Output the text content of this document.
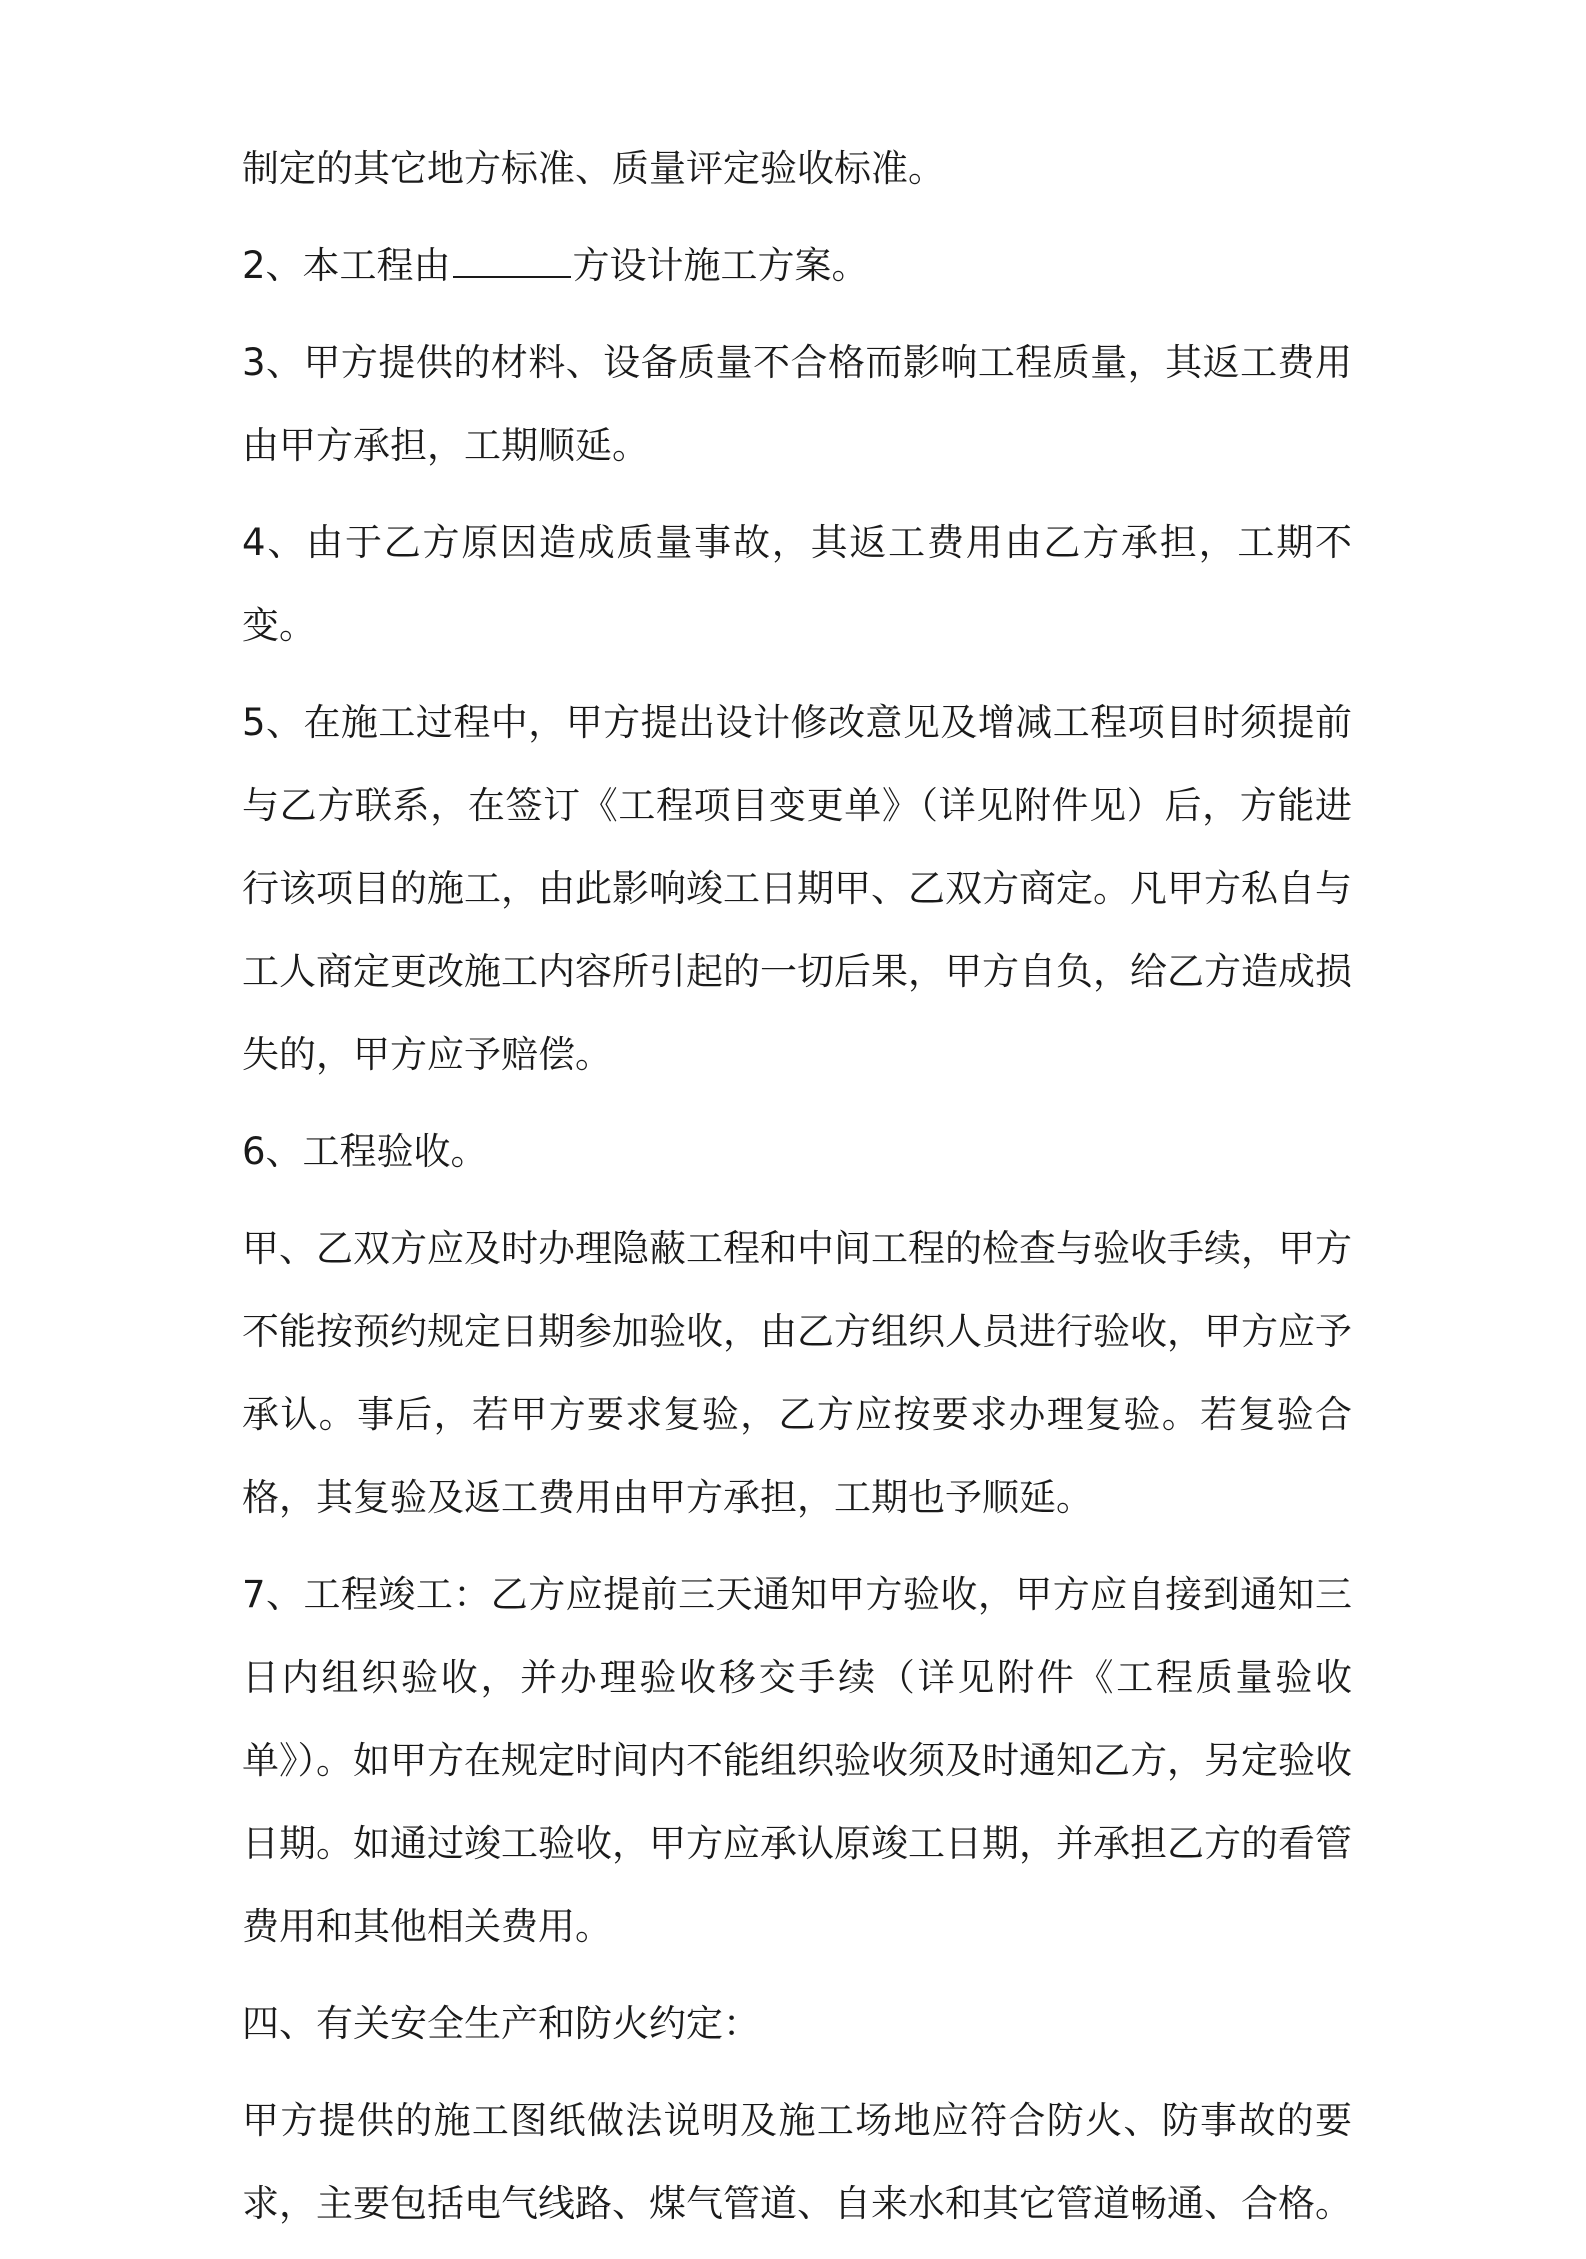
制定的其它地方标准、质量评定验收标准。

2、本工程由	方设计施工方案。

3、甲方提供的材料、设备质量不合格而影响工程质量，其返工费用由甲方承担，工期顺延。

4、由于乙方原因造成质量事故，其返工费用由乙方承担，工期不变。

5、在施工过程中，甲方提出设计修改意见及增减工程项目时须提前与乙方联系，在签订《工程项目变更单》（详见附件见）后，方能进行该项目的施工，由此影响竣工日期甲、乙双方商定。凡甲方私自与工人商定更改施工内容所引起的一切后果，甲方自负，给乙方造成损失的，甲方应予赔偿。

6、工程验收。

甲、乙双方应及时办理隐蔽工程和中间工程的检查与验收手续，甲方不能按预约规定日期参加验收，由乙方组织人员进行验收，甲方应予承认。事后，若甲方要求复验，乙方应按要求办理复验。若复验合格，其复验及返工费用由甲方承担，工期也予顺延。

7、工程竣工：乙方应提前三天通知甲方验收，甲方应自接到通知三日内组织验收，并办理验收移交手续（详见附件《工程质量验收单》）。如甲方在规定时间内不能组织验收须及时通知乙方，另定验收日期。如通过竣工验收，甲方应承认原竣工日期，并承担乙方的看管费用和其他相关费用。

四、有关安全生产和防火约定：

甲方提供的施工图纸做法说明及施工场地应符合防火、防事故的要求，主要包括电气线路、煤气管道、自来水和其它管道畅通、合格。
